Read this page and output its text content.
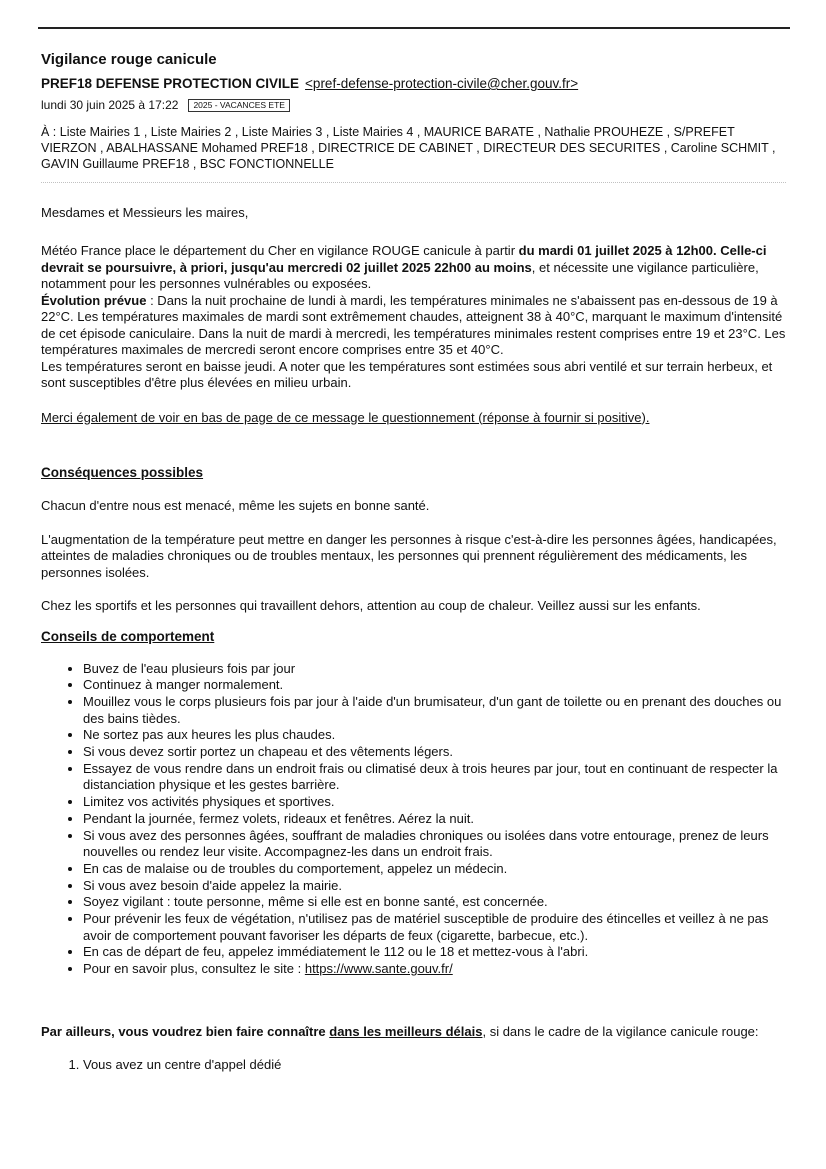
Vigilance rouge canicule
PREF18 DEFENSE PROTECTION CIVILE <pref-defense-protection-civile@cher.gouv.fr>
lundi 30 juin 2025 à 17:22	2025 - VACANCES ETE
À : Liste Mairies 1 , Liste Mairies 2 , Liste Mairies 3 , Liste Mairies 4 , MAURICE BARATE , Nathalie PROUHEZE , S/PREFET VIERZON , ABALHASSANE Mohamed PREF18 , DIRECTRICE DE CABINET , DIRECTEUR DES SECURITES , Caroline SCHMIT , GAVIN Guillaume PREF18 , BSC FONCTIONNELLE

Mesdames et Messieurs les maires,

Météo France place le département du Cher en vigilance ROUGE canicule à partir du mardi 01 juillet 2025 à 12h00. Celle-ci devrait se poursuivre, à priori, jusqu'au mercredi 02 juillet 2025 22h00 au moins, et nécessite une vigilance particulière, notamment pour les personnes vulnérables ou exposées.

Évolution prévue : Dans la nuit prochaine de lundi à mardi, les températures minimales ne s'abaissent pas en-dessous de 19 à 22°C. Les températures maximales de mardi sont extrêmement chaudes, atteignent 38 à 40°C, marquant le maximum d'intensité de cet épisode caniculaire. Dans la nuit de mardi à mercredi, les températures minimales restent comprises entre 19 et 23°C. Les températures maximales de mercredi seront encore comprises entre 35 et 40°C.

Les températures seront en baisse jeudi. A noter que les températures sont estimées sous abri ventilé et sur terrain herbeux, et sont susceptibles d'être plus élevées en milieu urbain.

Merci également de voir en bas de page de ce message le questionnement (réponse à fournir si positive).

Conséquences possibles

Chacun d'entre nous est menacé, même les sujets en bonne santé.

L'augmentation de la température peut mettre en danger les personnes à risque c'est-à-dire les personnes âgées, handicapées, atteintes de maladies chroniques ou de troubles mentaux, les personnes qui prennent régulièrement des médicaments, les personnes isolées.

Chez les sportifs et les personnes qui travaillent dehors, attention au coup de chaleur. Veillez aussi sur les enfants.

Conseils de comportement
• Buvez de l'eau plusieurs fois par jour
• Continuez à manger normalement.
• Mouillez vous le corps plusieurs fois par jour à l'aide d'un brumisateur, d'un gant de toilette ou en prenant des douches ou des bains tièdes.
• Ne sortez pas aux heures les plus chaudes.
• Si vous devez sortir portez un chapeau et des vêtements légers.
• Essayez de vous rendre dans un endroit frais ou climatisé deux à trois heures par jour, tout en continuant de respecter la distanciation physique et les gestes barrière.
• Limitez vos activités physiques et sportives.
• Pendant la journée, fermez volets, rideaux et fenêtres. Aérez la nuit.
• Si vous avez des personnes âgées, souffrant de maladies chroniques ou isolées dans votre entourage, prenez de leurs nouvelles ou rendez leur visite. Accompagnez-les dans un endroit frais.
• En cas de malaise ou de troubles du comportement, appelez un médecin.
• Si vous avez besoin d'aide appelez la mairie.
• Soyez vigilant : toute personne, même si elle est en bonne santé, est concernée.
• Pour prévenir les feux de végétation, n'utilisez pas de matériel susceptible de produire des étincelles et veillez à ne pas avoir de comportement pouvant favoriser les départs de feux (cigarette, barbecue, etc.).
• En cas de départ de feu, appelez immédiatement le 112 ou le 18 et mettez-vous à l'abri.
• Pour en savoir plus, consultez le site : https://www.sante.gouv.fr/

Par ailleurs, vous voudrez bien faire connaître dans les meilleurs délais, si dans le cadre de la vigilance canicule rouge:

1. Vous avez un centre d'appel dédié
